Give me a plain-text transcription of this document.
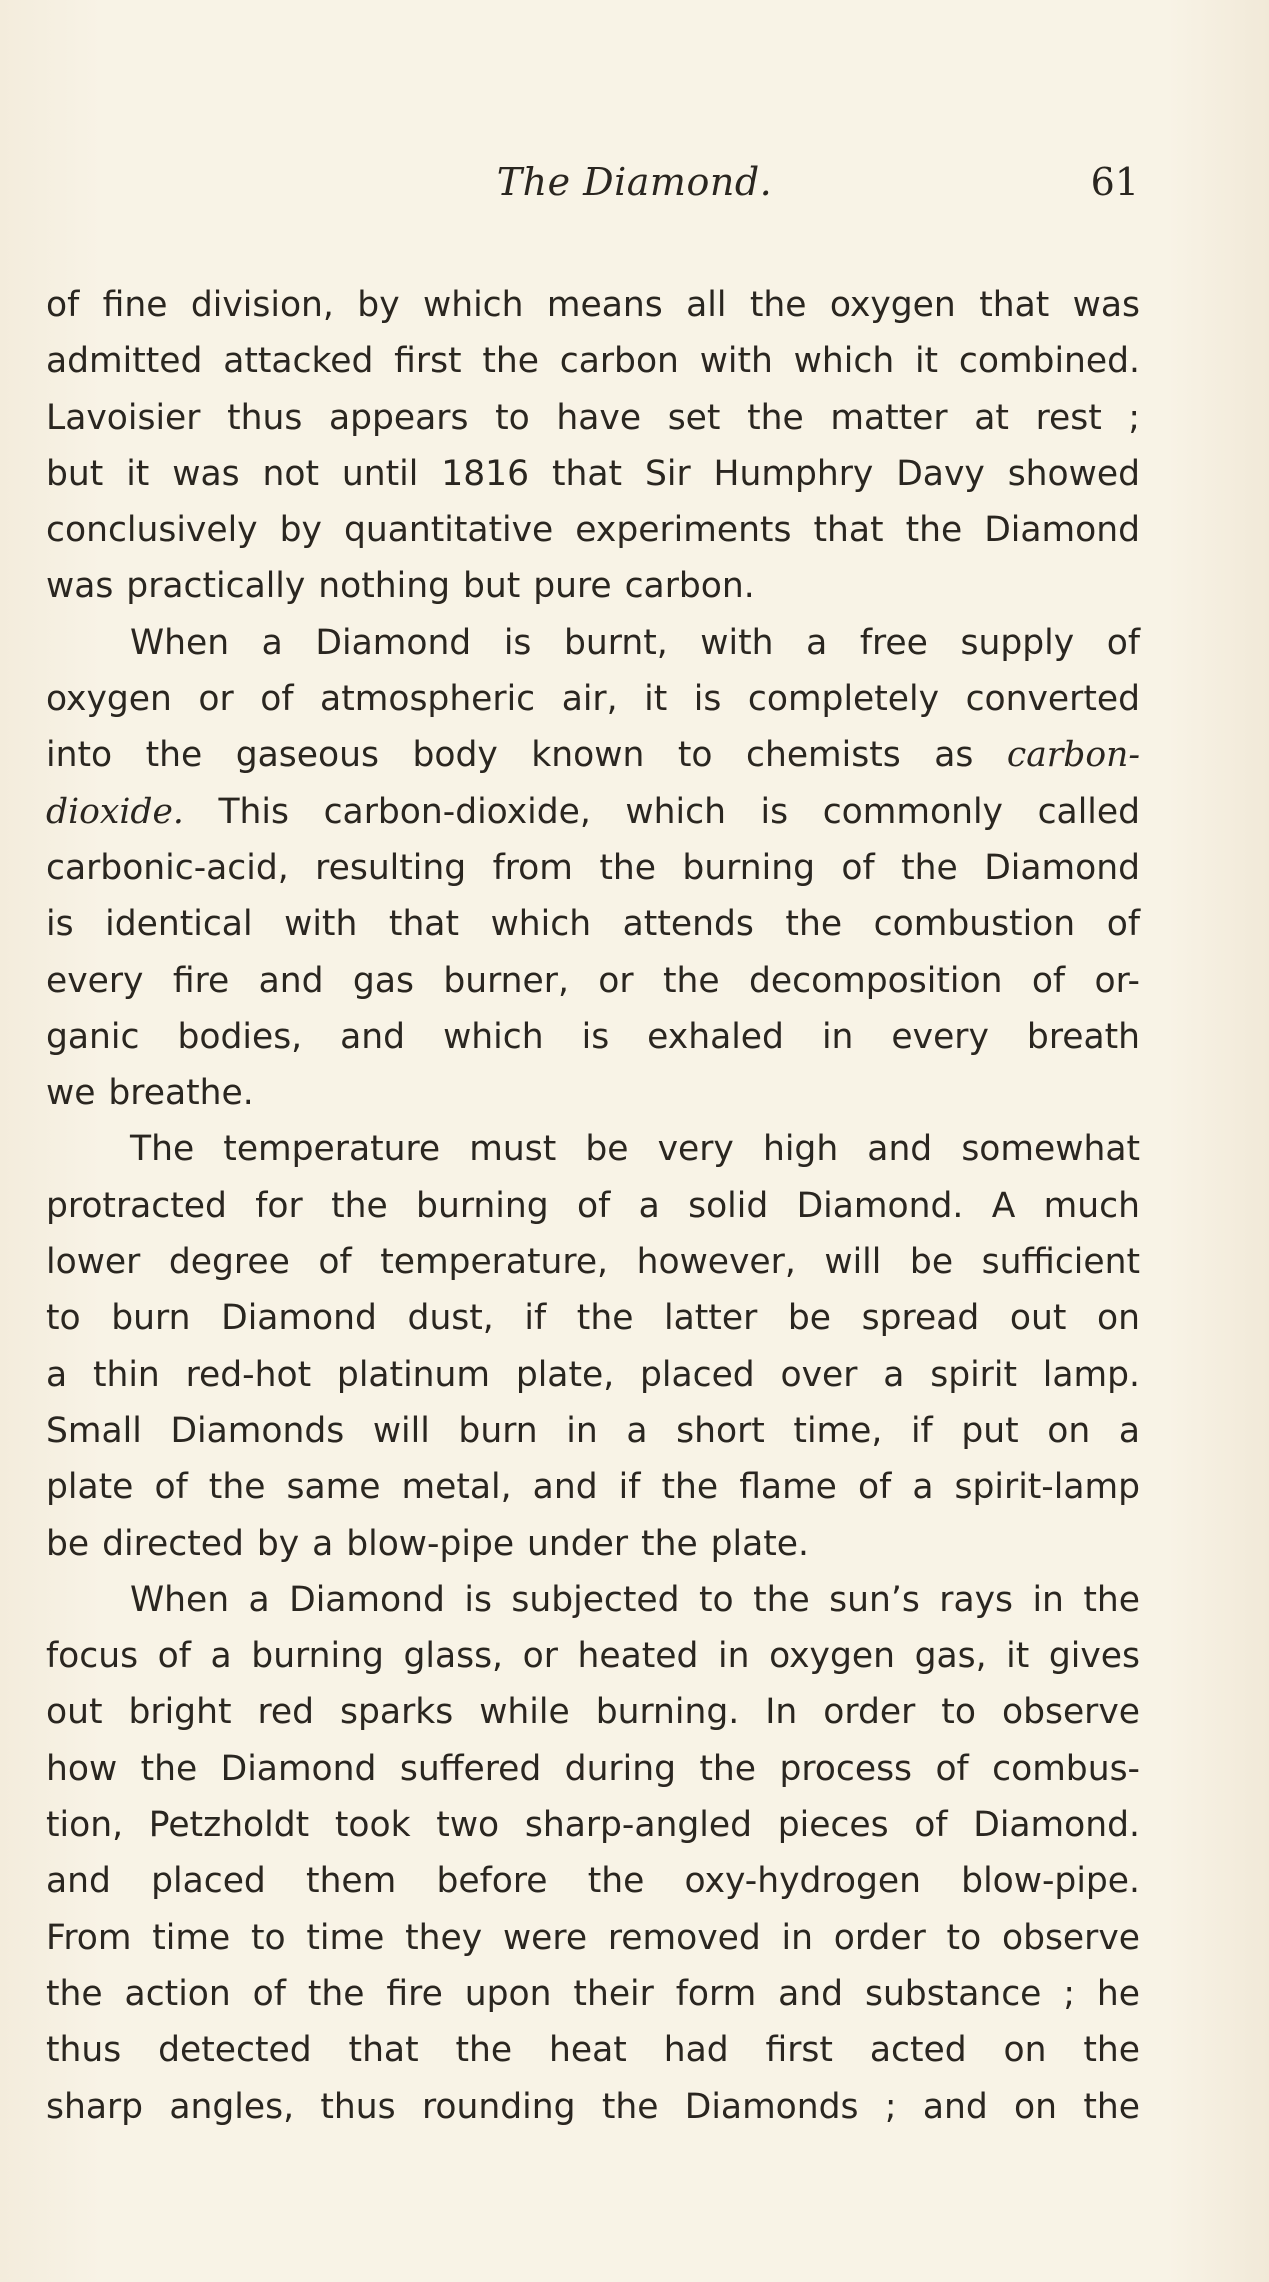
The Diamond.	61
of fine division, by which means all the oxygen that was
admitted attacked first the carbon with which it combined.
Lavoisier thus appears to have set the matter at rest ;
but it was not until 1816 that Sir Humphry Davy showed
conclusively by quantitative experiments that the Diamond
was practically nothing but pure carbon.
When a Diamond is burnt, with a free supply of
oxygen or of atmospheric air, it is completely converted
into the gaseous body known to chemists as carbon-
dioxide. This carbon-dioxide, which is commonly called
carbonic-acid, resulting from the burning of the Diamond
is identical with that which attends the combustion of
every fire and gas burner, or the decomposition of or-
ganic bodies, and which is exhaled in every breath
we breathe.
The temperature must be very high and somewhat
protracted for the burning of a solid Diamond. A much
lower degree of temperature, however, will be sufficient
to burn Diamond dust, if the latter be spread out on
a thin red-hot platinum plate, placed over a spirit lamp.
Small Diamonds will burn in a short time, if put on a
plate of the same metal, and if the flame of a spirit-lamp
be directed by a blow-pipe under the plate.
When a Diamond is subjected to the sun’s rays in the
focus of a burning glass, or heated in oxygen gas, it gives
out bright red sparks while burning. In order to observe
how the Diamond suffered during the process of combus-
tion, Petzholdt took two sharp-angled pieces of Diamond.
and placed them before the oxy-hydrogen blow-pipe.
From time to time they were removed in order to observe
the action of the fire upon their form and substance ; he
thus detected that the heat had first acted on the
sharp angles, thus rounding the Diamonds ; and on the
